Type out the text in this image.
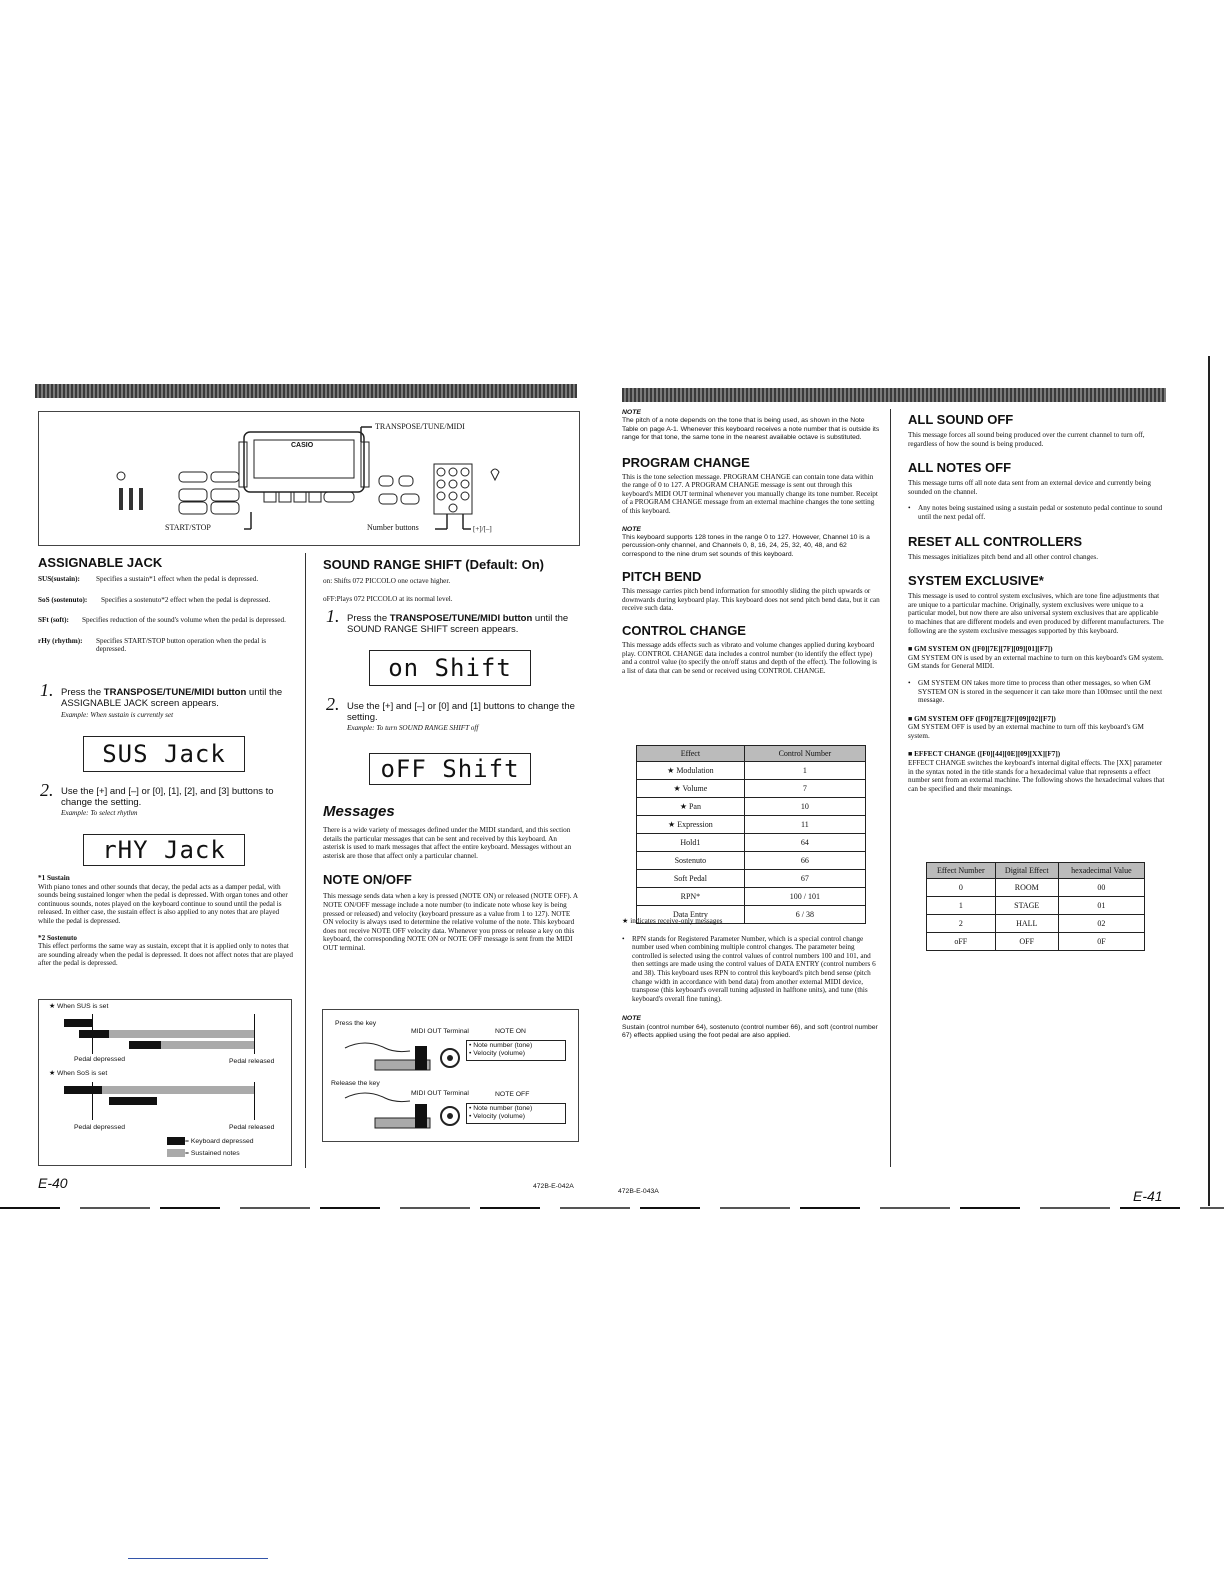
CASIO
TRANSPOSE/TUNE/MIDI
START/STOP	Number buttons	[+]/[–]
ASSIGNABLE JACK
SUS(sustain):	Specifies a sustain*1 effect when the pedal is depressed.
SoS (sostenuto):	Specifies a sostenuto*2 effect when the pedal is depressed.
SFt (soft):	Specifies reduction of the sound's volume when the pedal is depressed.
rHy (rhythm):	Specifies START/STOP button operation when the pedal is depressed.
1. Press the TRANSPOSE/TUNE/MIDI button until the ASSIGNABLE JACK screen appears.
Example: When sustain is currently set
SUS Jack
2. Use the [+] and [–] or [0], [1], [2], and [3] buttons to change the setting.
Example: To select rhythm
rHY Jack

*1 Sustain

With piano tones and other sounds that decay, the pedal acts as a damper pedal, with sounds being sustained longer when the pedal is depressed. With organ tones and other continuous sounds, notes played on the keyboard continue to sound until the pedal is released. In either case, the sustain effect is also applied to any notes that are played while the pedal is depressed.

*2 Sostenuto

This effect performs the same way as sustain, except that it is applied only to notes that are sounding already when the pedal is depressed. It does not affect notes that are played after the pedal is depressed.

★ When SUS is set
Pedal depressed	Pedal released
★ When SoS is set
Pedal depressed	Pedal released
= Keyboard depressed
= Sustained notes
SOUND RANGE SHIFT (Default: On)

on: Shifts 072 PICCOLO one octave higher.

oFF:Plays 072 PICCOLO at its normal level.

1. Press the TRANSPOSE/TUNE/MIDI button until the SOUND RANGE SHIFT screen appears.
on Shift
2. Use the [+] and [–] or [0] and [1] buttons to change the setting.
Example: To turn SOUND RANGE SHIFT off
oFF Shift
Messages

There is a wide variety of messages defined under the MIDI standard, and this section details the particular messages that can be sent and received by this keyboard. An asterisk is used to mark messages that affect the entire keyboard. Messages without an asterisk are those that affect only a particular channel.

NOTE ON/OFF

This message sends data when a key is pressed (NOTE ON) or released (NOTE OFF). A NOTE ON/OFF message include a note number (to indicate note whose key is being pressed or released) and velocity (keyboard pressure as a value from 1 to 127). NOTE ON velocity is always used to determine the relative volume of the note. This keyboard does not receive NOTE OFF velocity data. Whenever you press or release a key on this keyboard, the corresponding NOTE ON or NOTE OFF message is sent from the MIDI OUT terminal.

Press the key
MIDI OUT Terminal	NOTE ON
• Note number (tone)
• Velocity (volume)
Release the key
MIDI OUT Terminal	NOTE OFF
• Note number (tone)
• Velocity (volume)
E-40	472B-E-042A
472B-E-043A	E-41
NOTE

The pitch of a note depends on the tone that is being used, as shown in the Note Table on page A-1. Whenever this keyboard receives a note number that is outside its range for that tone, the same tone in the nearest available octave is substituted.

PROGRAM CHANGE

This is the tone selection message. PROGRAM CHANGE can contain tone data within the range of 0 to 127. A PROGRAM CHANGE message is sent out through this keyboard's MIDI OUT terminal whenever you manually change its tone number. Receipt of a PROGRAM CHANGE message from an external machine changes the tone setting of this keyboard.

NOTE

This keyboard supports 128 tones in the range 0 to 127. However, Channel 10 is a percussion-only channel, and Channels 0, 8, 16, 24, 25, 32, 40, 48, and 62 correspond to the nine drum set sounds of this keyboard.

PITCH BEND

This message carries pitch bend information for smoothly sliding the pitch upwards or downwards during keyboard play. This keyboard does not send pitch bend data, but it can receive such data.

CONTROL CHANGE

This message adds effects such as vibrato and volume changes applied during keyboard play. CONTROL CHANGE data includes a control number (to identify the effect type) and a control value (to specify the on/off status and depth of the effect). The following is a list of data that can be send or received using CONTROL CHANGE.

Effect	Control Number
★ Modulation	1
★ Volume	7
★ Pan	10
★ Expression	11
Hold1	64
Sostenuto	66
Soft Pedal	67
RPN*	100 / 101
Data Entry	6 / 38

★ indicates receive-only messages

•	RPN stands for Registered Parameter Number, which is a special control change number used when combining multiple control changes. The parameter being controlled is selected using the control values of control numbers 100 and 101, and then settings are made using the control values of DATA ENTRY (control numbers 6 and 38). This keyboard uses RPN to control this keyboard's pitch bend sense (pitch change width in accordance with bend data) from another external MIDI device, transpose (this keyboard's overall tuning adjusted in halftone units), and tune (this keyboard's overall fine tuning).
NOTE

Sustain (control number 64), sostenuto (control number 66), and soft (control number 67) effects applied using the foot pedal are also applied.

ALL SOUND OFF

This message forces all sound being produced over the current channel to turn off, regardless of how the sound is being produced.

ALL NOTES OFF

This message turns off all note data sent from an external device and currently being sounded on the channel.

•	Any notes being sustained using a sustain pedal or sostenuto pedal continue to sound until the next pedal off.
RESET ALL CONTROLLERS

This messages initializes pitch bend and all other control changes.

SYSTEM EXCLUSIVE*

This message is used to control system exclusives, which are tone fine adjustments that are unique to a particular machine. Originally, system exclusives were unique to a particular model, but now there are also universal system exclusives that are applicable to machines that are different models and even produced by different manufacturers. The following are the system exclusive messages supported by this keyboard.

■ GM SYSTEM ON ([F0][7E][7F][09][01][F7])

GM SYSTEM ON is used by an external machine to turn on this keyboard's GM system. GM stands for General MIDI.

•	GM SYSTEM ON takes more time to process than other messages, so when GM SYSTEM ON is stored in the sequencer it can take more than 100msec until the next message.
■ GM SYSTEM OFF ([F0][7E][7F][09][02][F7])

GM SYSTEM OFF is used by an external machine to turn off this keyboard's GM system.

■ EFFECT CHANGE ([F0][44][0E][09][XX][F7])

EFFECT CHANGE switches the keyboard's internal digital effects. The [XX] parameter in the syntax noted in the title stands for a hexadecimal value that represents a effect number sent from an external machine. The following shows the hexadecimal values that can be specified and their meanings.

Effect Number	Digital Effect	hexadecimal Value
0	ROOM	00
1	STAGE	01
2	HALL	02
oFF	OFF	0F
